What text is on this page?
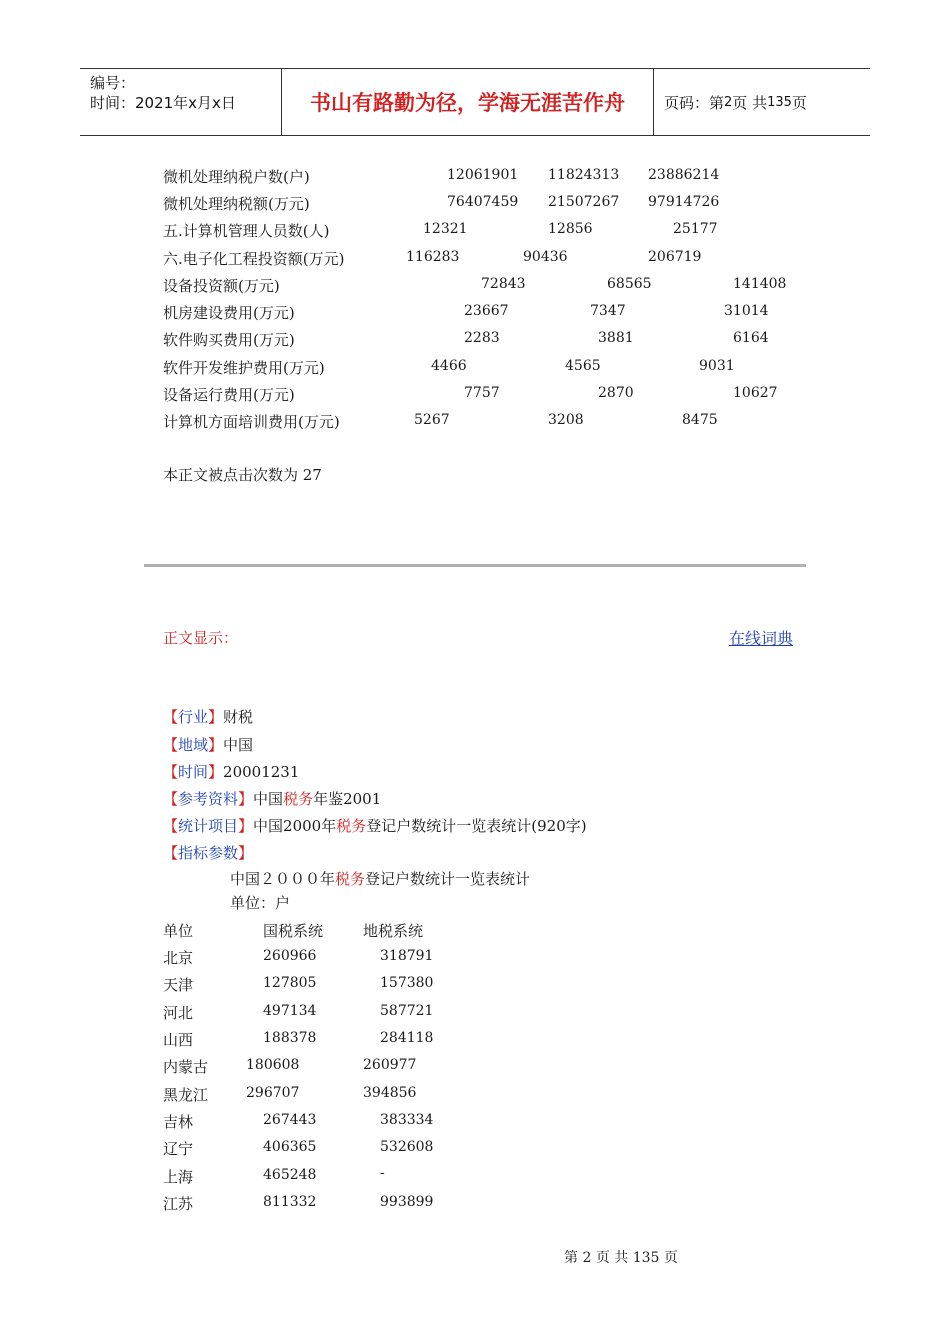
编号：
时间：2021年x月x日	书山有路勤为径，学海无涯苦作舟	页码：第 2 页 共 135 页
微机处理纳税户数(户)	12061901 11824313 23886214
微机处理纳税额(万元)	76407459 21507267 97914726
五.计算机管理人员数(人)	12321	12856	25177
六.电子化工程投资额(万元)	116283	90436	206719
设备投资额(万元)	72843	68565	141408
机房建设费用(万元)	23667	7347	31014
软件购买费用(万元)	2283	3881	6164
软件开发维护费用(万元)	4466	4565	9031
设备运行费用(万元)	7757	2870	10627
计算机方面培训费用(万元)	5267	3208	8475
本正文被点击次数为 27
正文显示：	在线词典
【行业】财税
【地域】中国
【时间】20001231
【参考资料】中国税务年鉴2001
【统计项目】中国2000年税务登记户数统计一览表统计(920字)
【指标参数】
中国２０００年税务登记户数统计一览表统计
单位：户
单位	国税系统	地税系统
北京	260966	318791
天津	127805	157380
河北	497134	587721
山西	188378	284118
内蒙古	180608	260977
黑龙江	296707	394856
吉林	267443	383334
辽宁	406365	532608
上海	465248	-
江苏	811332	993899
第 2 页 共 135 页
